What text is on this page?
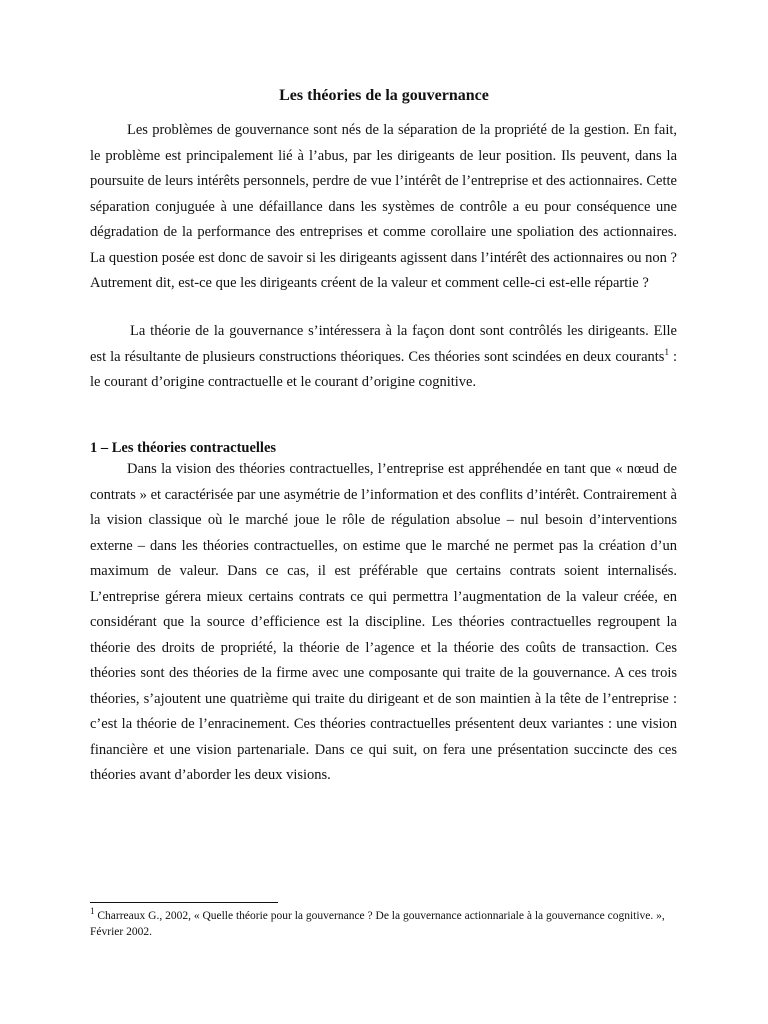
Les théories de la gouvernance

Les problèmes de gouvernance sont nés de la séparation de la propriété de la gestion. En fait, le problème est principalement lié à l’abus, par les dirigeants de leur position. Ils peuvent, dans la poursuite de leurs intérêts personnels, perdre de vue l’intérêt de l’entreprise et des actionnaires. Cette séparation conjuguée à une défaillance dans les systèmes de contrôle a eu pour conséquence une dégradation de la performance des entreprises et comme corollaire une spoliation des actionnaires. La question posée est donc de savoir si les dirigeants agissent dans l’intérêt des actionnaires ou non ? Autrement dit, est-ce que les dirigeants créent de la valeur et comment celle-ci est-elle répartie ?

La théorie de la gouvernance s’intéressera à la façon dont sont contrôlés les dirigeants. Elle est la résultante de plusieurs constructions théoriques. Ces théories sont scindées en deux courants$^1$ : le courant d’origine contractuelle et le courant d’origine cognitive.

1 – Les théories contractuelles

Dans la vision des théories contractuelles, l’entreprise est appréhendée en tant que « nœud de contrats » et caractérisée par une asymétrie de l’information et des conflits d’intérêt. Contrairement à la vision classique où le marché joue le rôle de régulation absolue – nul besoin d’interventions externe – dans les théories contractuelles, on estime que le marché ne permet pas la création d’un maximum de valeur. Dans ce cas, il est préférable que certains contrats soient internalisés. L’entreprise gérera mieux certains contrats ce qui permettra l’augmentation de la valeur créée, en considérant que la source d’efficience est la discipline. Les théories contractuelles regroupent la théorie des droits de propriété, la théorie de l’agence et la théorie des coûts de transaction. Ces théories sont des théories de la firme avec une composante qui traite de la gouvernance. A ces trois théories, s’ajoutent une quatrième qui traite du dirigeant et de son maintien à la tête de l’entreprise : c’est la théorie de l’enracinement. Ces théories contractuelles présentent deux variantes : une vision financière et une vision partenariale. Dans ce qui suit, on fera une présentation succincte des ces théories avant d’aborder les deux visions.

$^1$ Charreaux G., 2002, « Quelle théorie pour la gouvernance ? De la gouvernance actionnariale à la gouvernance cognitive. », Février 2002.
